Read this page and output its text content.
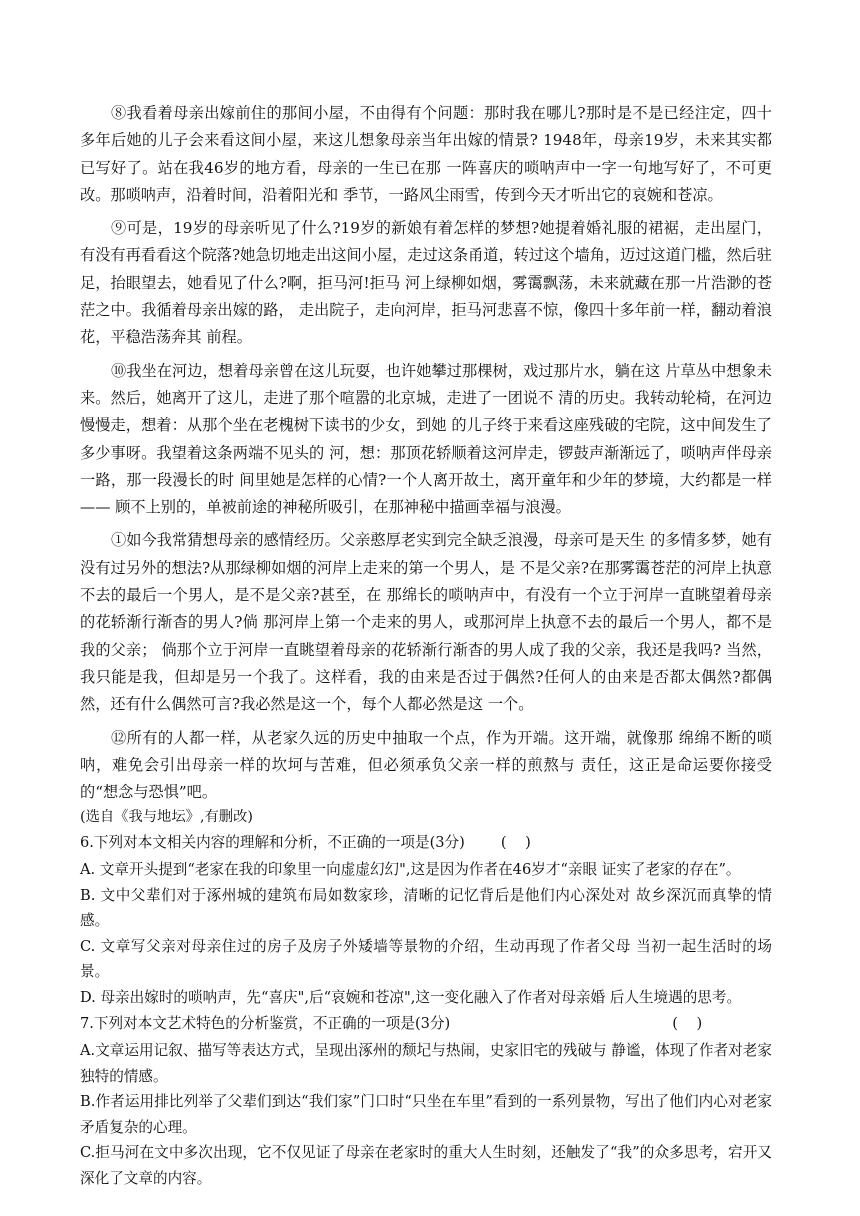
⑧我看着母亲出嫁前住的那间小屋，不由得有个问题：那时我在哪儿?那时是不是已经注定，四十多年后她的儿子会来看这间小屋，来这儿想象母亲当年出嫁的情景? 1948年，母亲19岁，未来其实都已写好了。站在我46岁的地方看，母亲的一生已在那 一阵喜庆的唢呐声中一字一句地写好了，不可更改。那唢呐声，沿着时间，沿着阳光和 季节，一路风尘雨雪，传到今天才听出它的哀婉和苍凉。

⑨可是，19岁的母亲听见了什么?19岁的新娘有着怎样的梦想?她提着婚礼服的裙裾，走出屋门，有没有再看看这个院落?她急切地走出这间小屋，走过这条甬道，转过这个墙角，迈过这道门槛，然后驻足，抬眼望去，她看见了什么?啊，拒马河!拒马 河上绿柳如烟，雾霭飘荡，未来就藏在那一片浩渺的苍茫之中。我循着母亲出嫁的路， 走出院子，走向河岸，拒马河悲喜不惊，像四十多年前一样，翻动着浪花，平稳浩荡奔其 前程。

⑩我坐在河边，想着母亲曾在这儿玩耍，也许她攀过那棵树，戏过那片水，躺在这 片草丛中想象未来。然后，她离开了这儿，走进了那个喧嚣的北京城，走进了一团说不 清的历史。我转动轮椅，在河边慢慢走，想着：从那个坐在老槐树下读书的少女，到她 的儿子终于来看这座残破的宅院，这中间发生了多少事呀。我望着这条两端不见头的 河，想：那顶花轿顺着这河岸走，锣鼓声渐渐远了，唢呐声伴母亲一路，那一段漫长的时 间里她是怎样的心情?一个人离开故土，离开童年和少年的梦境，大约都是一样—— 顾不上别的，单被前途的神秘所吸引，在那神秘中描画幸福与浪漫。

①如今我常猜想母亲的感情经历。父亲憨厚老实到完全缺乏浪漫，母亲可是天生 的多情多梦，她有没有过另外的想法?从那绿柳如烟的河岸上走来的第一个男人，是 不是父亲?在那雾霭苍茫的河岸上执意不去的最后一个男人，是不是父亲?甚至，在 那绵长的唢呐声中，有没有一个立于河岸一直眺望着母亲的花轿渐行渐杳的男人?倘 那河岸上第一个走来的男人，或那河岸上执意不去的最后一个男人，都不是我的父亲； 倘那个立于河岸一直眺望着母亲的花轿渐行渐杳的男人成了我的父亲，我还是我吗? 当然，我只能是我，但却是另一个我了。这样看，我的由来是否过于偶然?任何人的由来是否都太偶然?都偶然，还有什么偶然可言?我必然是这一个，每个人都必然是这 一个。

⑫所有的人都一样，从老家久远的历史中抽取一个点，作为开端。这开端，就像那 绵绵不断的唢呐，难免会引出母亲一样的坎坷与苦难，但必须承负父亲一样的煎熬与 责任，这正是命运要你接受的“想念与恐惧”吧。

(选自《我与地坛》,有删改)

6.下列对本文相关内容的理解和分析，不正确的一项是(3分) (    )

A. 文章开头提到“老家在我的印象里一向虚虚幻幻",这是因为作者在46岁才“亲眼 证实了老家的存在”。

B. 文中父辈们对于涿州城的建筑布局如数家珍，清晰的记忆背后是他们内心深处对 故乡深沉而真挚的情感。

C. 文章写父亲对母亲住过的房子及房子外矮墙等景物的介绍，生动再现了作者父母 当初一起生活时的场景。

D. 母亲出嫁时的唢呐声，先“喜庆",后“哀婉和苍凉",这一变化融入了作者对母亲婚 后人生境遇的思考。

7.下列对本文艺术特色的分析鉴赏，不正确的一项是(3分)	(    )

A.文章运用记叙、描写等表达方式，呈现出涿州的颓圮与热闹，史家旧宅的残破与 静谧，体现了作者对老家独特的情感。

B.作者运用排比列举了父辈们到达“我们家”门口时“只坐在车里”看到的一系列景物，写出了他们内心对老家矛盾复杂的心理。

C.拒马河在文中多次出现，它不仅见证了母亲在老家时的重大人生时刻，还触发了“我”的众多思考，宕开又深化了文章的内容。
